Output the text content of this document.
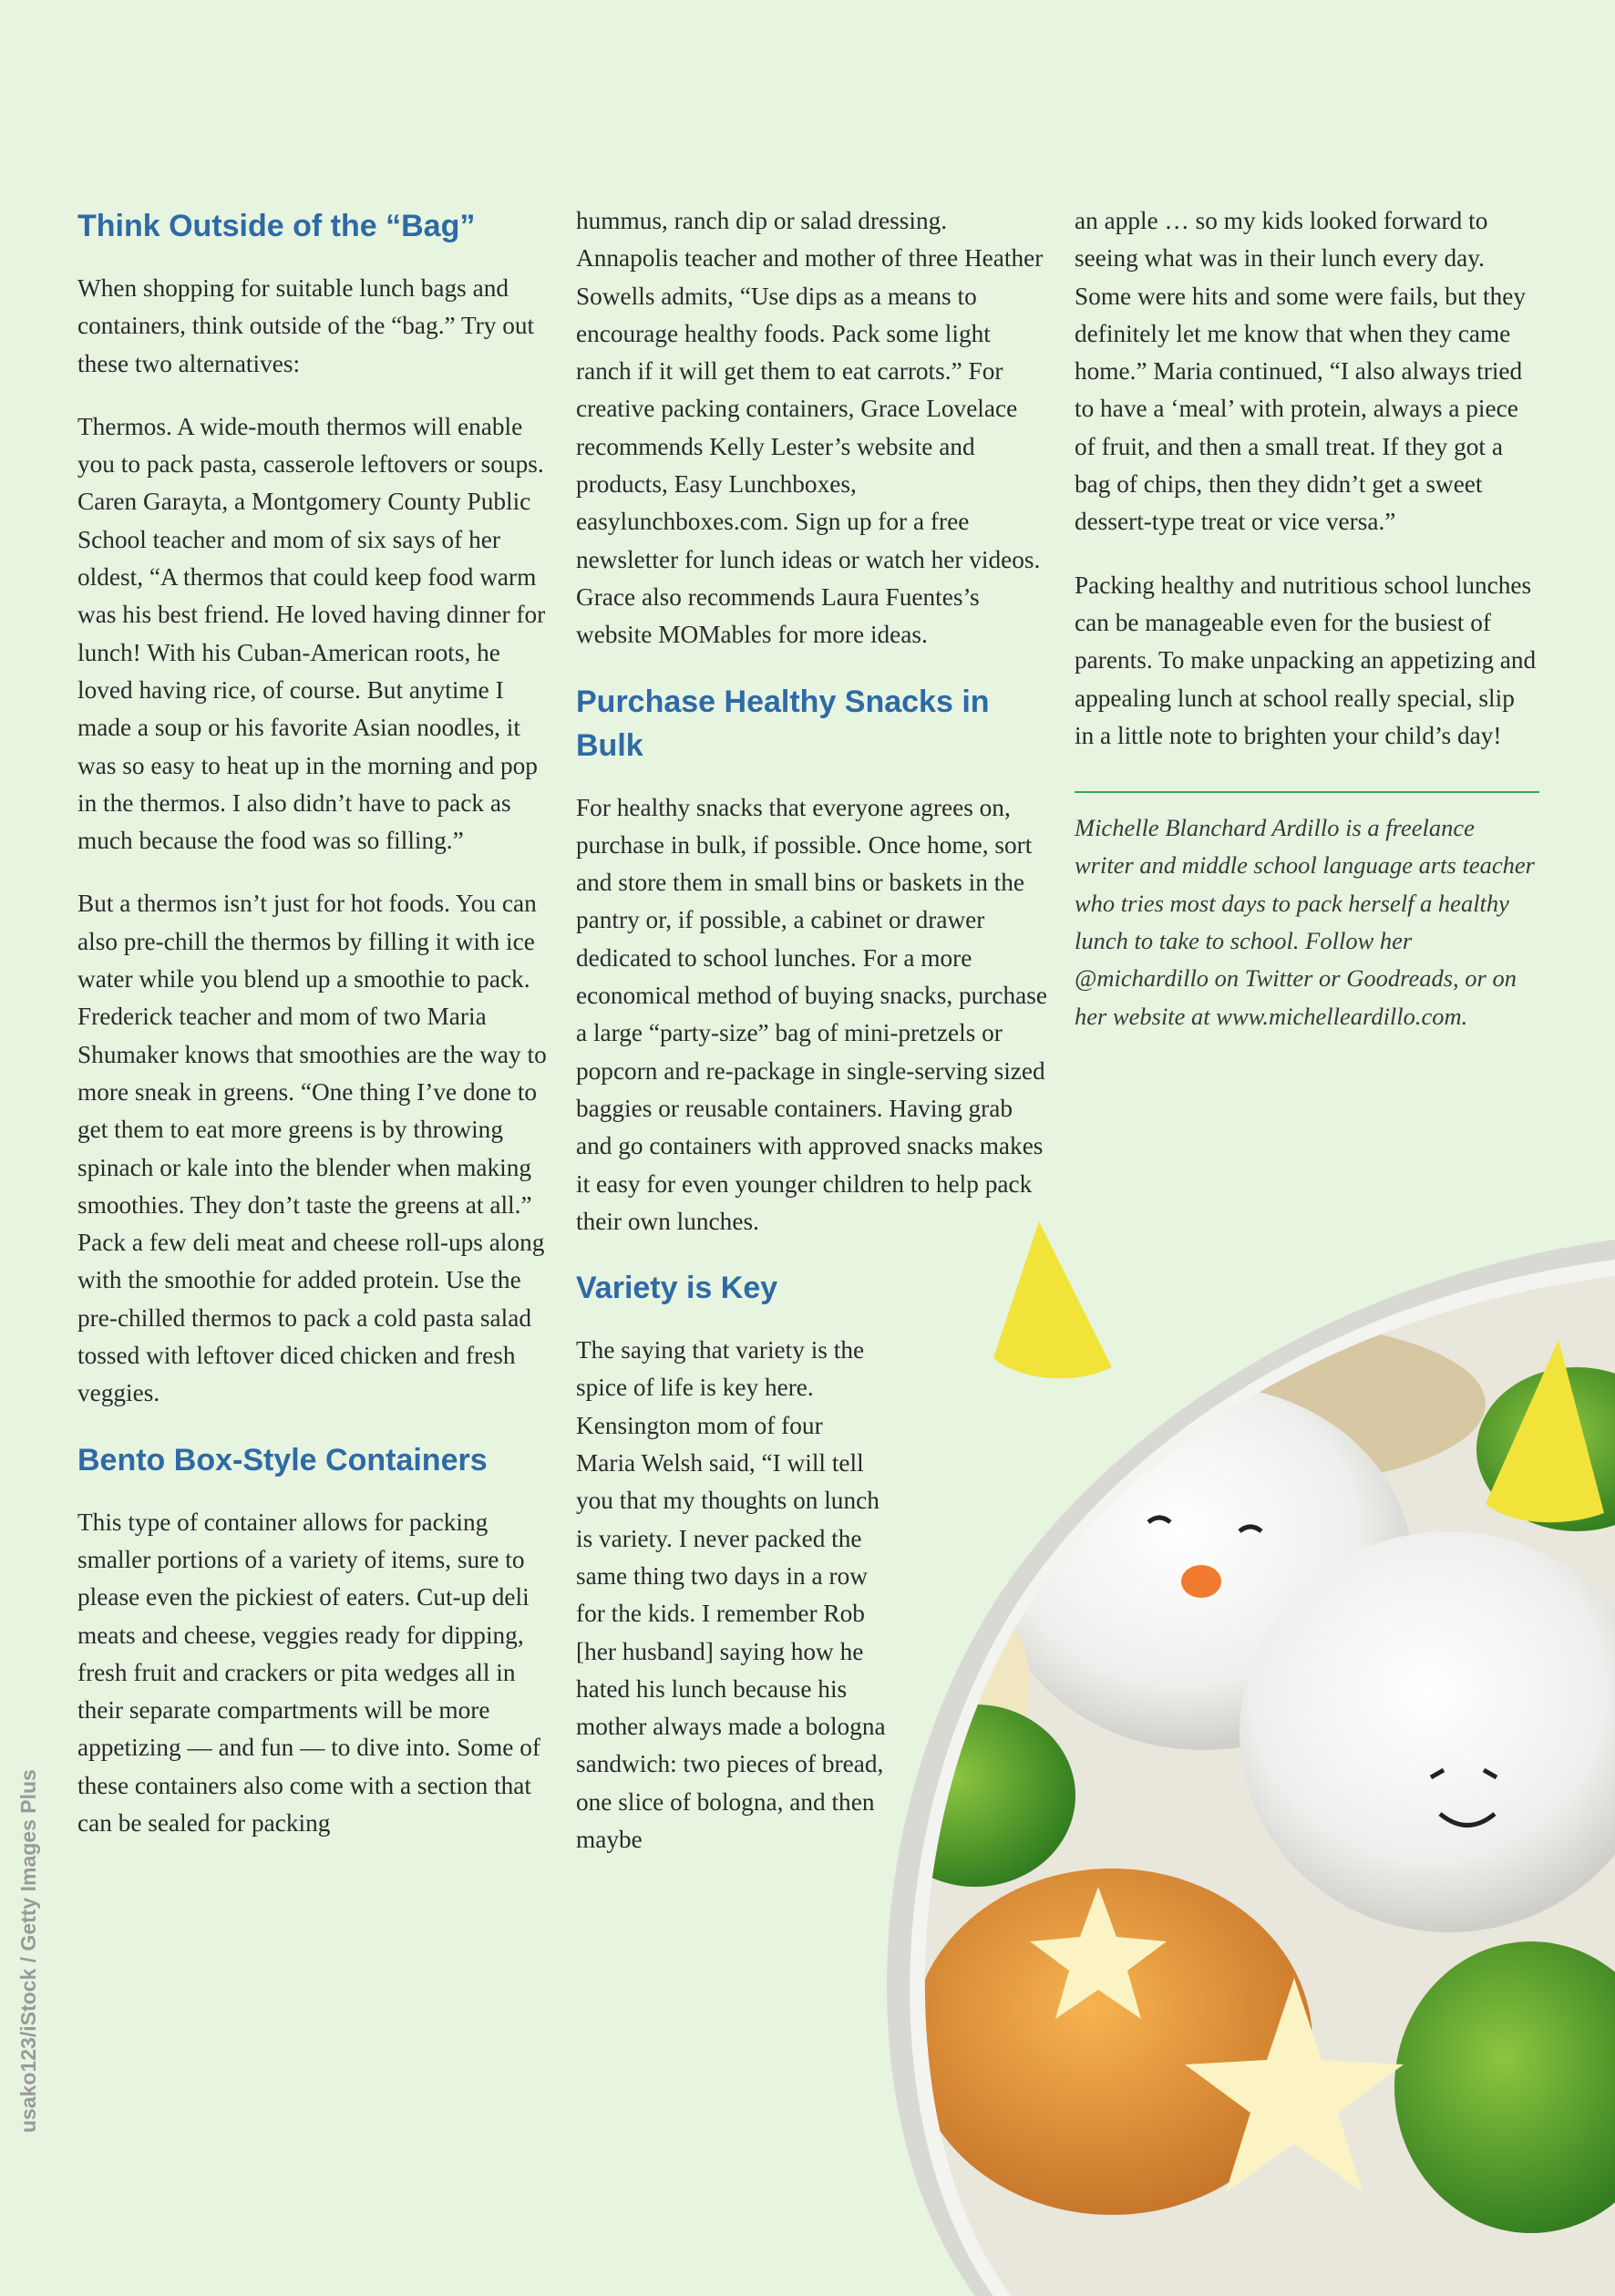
Think Outside of the “Bag”

When shopping for suitable lunch bags and containers, think outside of the “bag.” Try out these two alternatives:

Thermos. A wide-mouth thermos will enable you to pack pasta, casserole leftovers or soups. Caren Garayta, a Montgomery County Public School teacher and mom of six says of her oldest, “A thermos that could keep food warm was his best friend. He loved having dinner for lunch! With his Cuban-American roots, he loved having rice, of course. But anytime I made a soup or his favorite Asian noodles, it was so easy to heat up in the morning and pop in the thermos. I also didn’t have to pack as much because the food was so filling.”

But a thermos isn’t just for hot foods. You can also pre-chill the thermos by filling it with ice water while you blend up a smoothie to pack. Frederick teacher and mom of two Maria Shumaker knows that smoothies are the way to more sneak in greens. “One thing I’ve done to get them to eat more greens is by throwing spinach or kale into the blender when making smoothies. They don’t taste the greens at all.” Pack a few deli meat and cheese roll-ups along with the smoothie for added protein. Use the pre-chilled thermos to pack a cold pasta salad tossed with leftover diced chicken and fresh veggies.

Bento Box-Style Containers

This type of container allows for packing smaller portions of a variety of items, sure to please even the pickiest of eaters. Cut-up deli meats and cheese, veggies ready for dipping, fresh fruit and crackers or pita wedges all in their separate compartments will be more appetizing — and fun — to dive into. Some of these containers also come with a section that can be sealed for packing

hummus, ranch dip or salad dressing. Annapolis teacher and mother of three Heather Sowells admits, “Use dips as a means to encourage healthy foods. Pack some light ranch if it will get them to eat carrots.” For creative packing containers, Grace Lovelace recommends Kelly Lester’s website and products, Easy Lunchboxes, easylunchboxes.com. Sign up for a free newsletter for lunch ideas or watch her videos. Grace also recommends Laura Fuentes’s website MOMables for more ideas.

Purchase Healthy Snacks in Bulk

For healthy snacks that everyone agrees on, purchase in bulk, if possible. Once home, sort and store them in small bins or baskets in the pantry or, if possible, a cabinet or drawer dedicated to school lunches. For a more economical method of buying snacks, purchase a large “party-size” bag of mini-pretzels or popcorn and re-package in single-serving sized baggies or reusable containers. Having grab and go containers with approved snacks makes it easy for even younger children to help pack their own lunches.

Variety is Key

The saying that variety is the spice of life is key here. Kensington mom of four Maria Welsh said, “I will tell you that my thoughts on lunch is variety. I never packed the same thing two days in a row for the kids. I remember Rob [her husband] saying how he hated his lunch because his mother always made a bologna sandwich: two pieces of bread, one slice of bologna, and then maybe

an apple … so my kids looked forward to seeing what was in their lunch every day. Some were hits and some were fails, but they definitely let me know that when they came home.” Maria continued, “I also always tried to have a ‘meal’ with protein, always a piece of fruit, and then a small treat. If they got a bag of chips, then they didn’t get a sweet dessert-type treat or vice versa.”

Packing healthy and nutritious school lunches can be manageable even for the busiest of parents. To make unpacking an appetizing and appealing lunch at school really special, slip in a little note to brighten your child’s day!

Michelle Blanchard Ardillo is a freelance writer and middle school language arts teacher who tries most days to pack herself a healthy lunch to take to school. Follow her @michardillo on Twitter or Goodreads, or on her website at www.michelleardillo.com.

usako123/iStock / Getty Images Plus
